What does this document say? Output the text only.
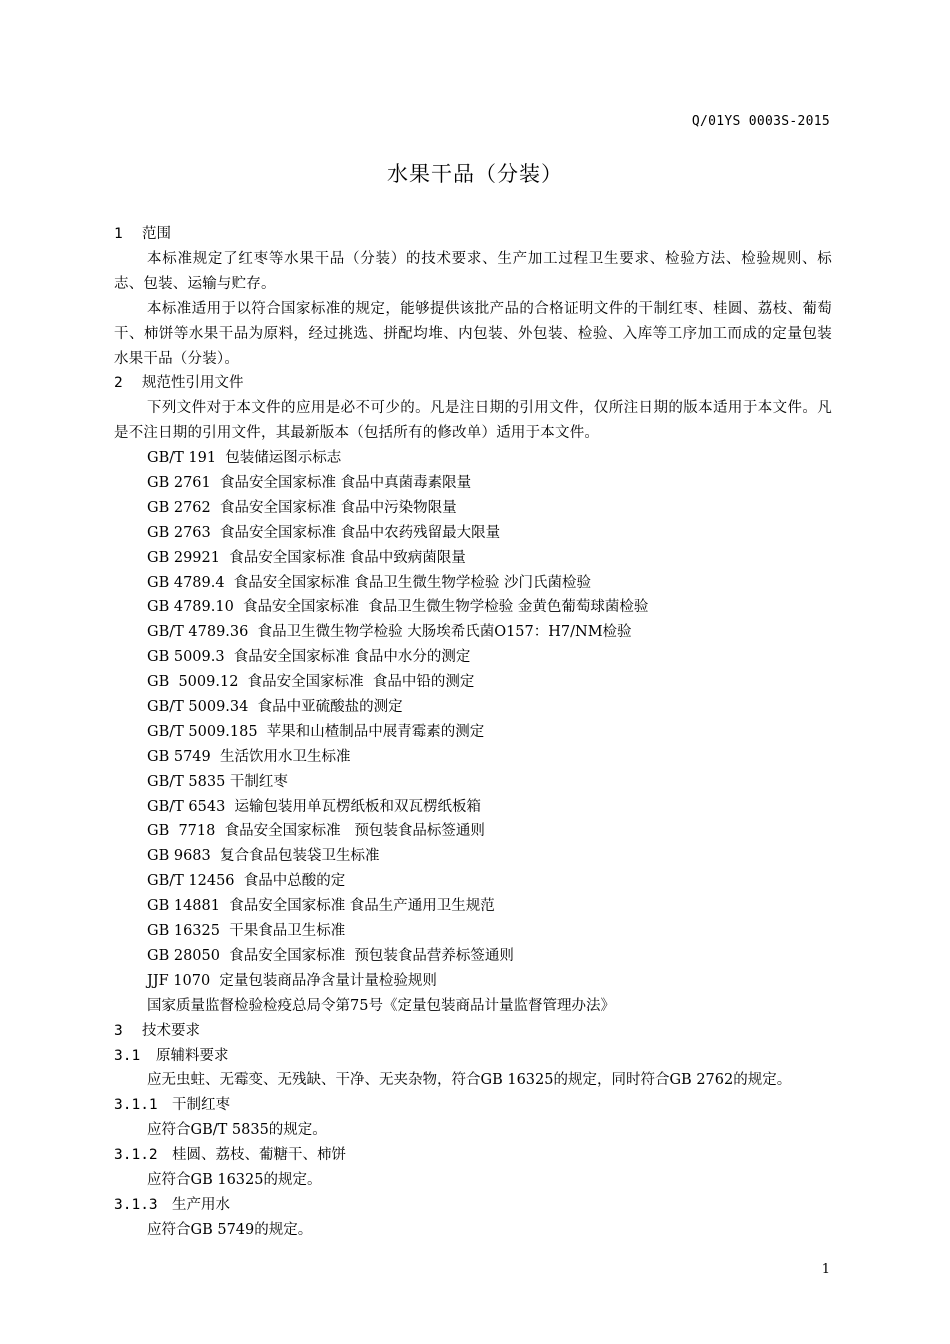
Q/01YS 0003S-2015
水果干品（分装）
1 范围

本标准规定了红枣等水果干品（分装）的技术要求、生产加工过程卫生要求、检验方法、检验规则、标志、包装、运输与贮存。

本标准适用于以符合国家标准的规定，能够提供该批产品的合格证明文件的干制红枣、桂圆、荔枝、葡萄干、柿饼等水果干品为原料，经过挑选、拼配均堆、内包装、外包装、检验、入库等工序加工而成的定量包装水果干品（分装）。

2 规范性引用文件

下列文件对于本文件的应用是必不可少的。凡是注日期的引用文件，仅所注日期的版本适用于本文件。凡是不注日期的引用文件，其最新版本（包括所有的修改单）适用于本文件。

GB/T 191  包装储运图示标志
GB 2761  食品安全国家标准 食品中真菌毒素限量
GB 2762  食品安全国家标准 食品中污染物限量
GB 2763  食品安全国家标准 食品中农药残留最大限量
GB 29921  食品安全国家标准 食品中致病菌限量
GB 4789.4  食品安全国家标准 食品卫生微生物学检验 沙门氏菌检验
GB 4789.10  食品安全国家标准  食品卫生微生物学检验 金黄色葡萄球菌检验
GB/T 4789.36  食品卫生微生物学检验 大肠埃希氏菌O157：H7/NM检验
GB 5009.3  食品安全国家标准 食品中水分的测定
GB  5009.12  食品安全国家标准  食品中铅的测定
GB/T 5009.34  食品中亚硫酸盐的测定
GB/T 5009.185  苹果和山楂制品中展青霉素的测定
GB 5749  生活饮用水卫生标准
GB/T 5835 干制红枣
GB/T 6543  运输包装用单瓦楞纸板和双瓦楞纸板箱
GB  7718  食品安全国家标准   预包装食品标签通则
GB 9683  复合食品包装袋卫生标准
GB/T 12456  食品中总酸的定
GB 14881  食品安全国家标准 食品生产通用卫生规范
GB 16325  干果食品卫生标准
GB 28050  食品安全国家标准  预包装食品营养标签通则
JJF 1070  定量包装商品净含量计量检验规则
国家质量监督检验检疫总局令第75号《定量包装商品计量监督管理办法》
3 技术要求
3.1 原辅料要求
应无虫蛀、无霉变、无残缺、干净、无夹杂物，符合GB 16325的规定，同时符合GB 2762的规定。
3.1.1 干制红枣
应符合GB/T 5835的规定。
3.1.2 桂圆、荔枝、葡糖干、柿饼
应符合GB 16325的规定。
3.1.3 生产用水
应符合GB 5749的规定。
1
